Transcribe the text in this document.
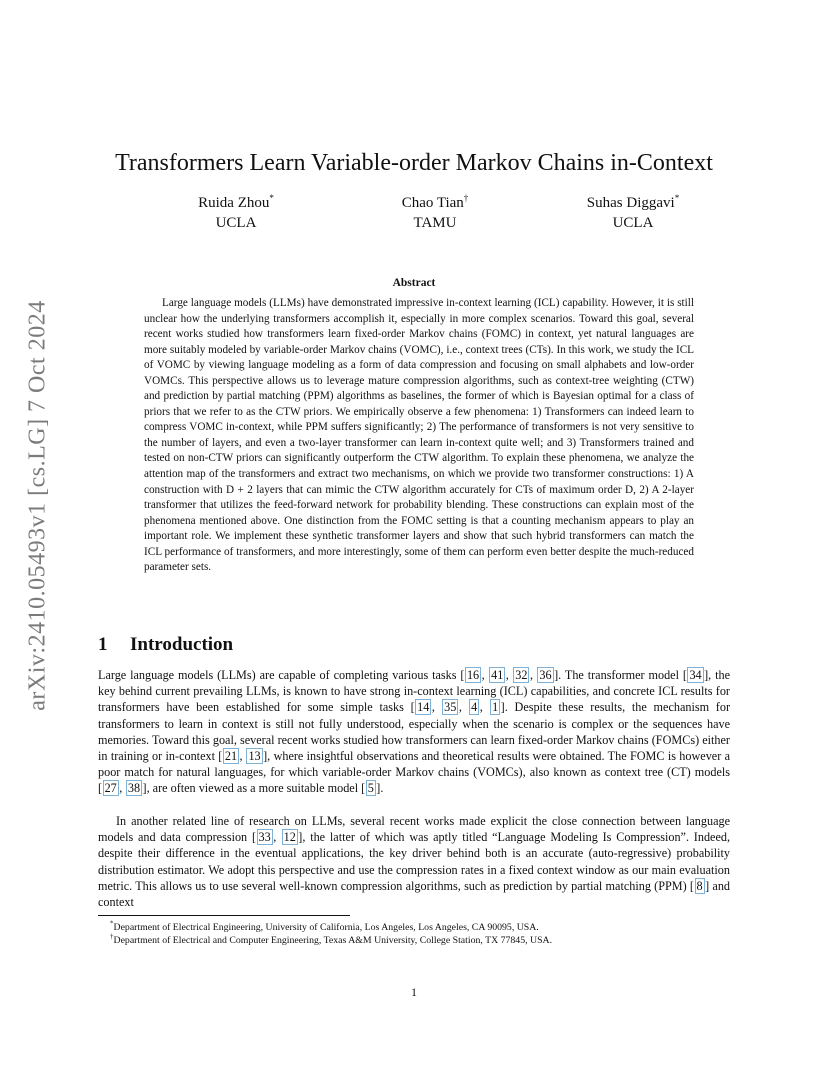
arXiv:2410.05493v1 [cs.LG] 7 Oct 2024
Transformers Learn Variable-order Markov Chains in-Context
Ruida Zhou*
UCLA
Chao Tian†
TAMU
Suhas Diggavi*
UCLA
Abstract

Large language models (LLMs) have demonstrated impressive in-context learning (ICL) capability. However, it is still unclear how the underlying transformers accomplish it, especially in more complex scenarios. Toward this goal, several recent works studied how transformers learn fixed-order Markov chains (FOMC) in context, yet natural languages are more suitably modeled by variable-order Markov chains (VOMC), i.e., context trees (CTs). In this work, we study the ICL of VOMC by viewing language modeling as a form of data compression and focusing on small alphabets and low-order VOMCs. This perspective allows us to leverage mature compression algorithms, such as context-tree weighting (CTW) and prediction by partial matching (PPM) algorithms as baselines, the former of which is Bayesian optimal for a class of priors that we refer to as the CTW priors. We empirically observe a few phenomena: 1) Transformers can indeed learn to compress VOMC in-context, while PPM suffers significantly; 2) The performance of transformers is not very sensitive to the number of layers, and even a two-layer transformer can learn in-context quite well; and 3) Transformers trained and tested on non-CTW priors can significantly outperform the CTW algorithm. To explain these phenomena, we analyze the attention map of the transformers and extract two mechanisms, on which we provide two transformer constructions: 1) A construction with D + 2 layers that can mimic the CTW algorithm accurately for CTs of maximum order D, 2) A 2-layer transformer that utilizes the feed-forward network for probability blending. These constructions can explain most of the phenomena mentioned above. One distinction from the FOMC setting is that a counting mechanism appears to play an important role. We implement these synthetic transformer layers and show that such hybrid transformers can match the ICL performance of transformers, and more interestingly, some of them can perform even better despite the much-reduced parameter sets.

1 Introduction

Large language models (LLMs) are capable of completing various tasks [ 16 , 41 , 32 , 36 ]. The transformer model [ 34 ], the key behind current prevailing LLMs, is known to have strong in-context learning (ICL) capabilities, and concrete ICL results for transformers have been established for some simple tasks [ 14 , 35 , 4 , 1 ]. Despite these results, the mechanism for transformers to learn in context is still not fully understood, especially when the scenario is complex or the sequences have memories. Toward this goal, several recent works studied how transformers can learn fixed-order Markov chains (FOMCs) either in training or in-context [ 21 , 13 ], where insightful observations and theoretical results were obtained. The FOMC is however a poor match for natural languages, for which variable-order Markov chains (VOMCs), also known as context tree (CT) models [ 27 , 38 ], are often viewed as a more suitable model [ 5 ].

In another related line of research on LLMs, several recent works made explicit the close connection between language models and data compression [ 33 , 12 ], the latter of which was aptly titled “Language Modeling Is Compression”. Indeed, despite their difference in the eventual applications, the key driver behind both is an accurate (auto-regressive) probability distribution estimator. We adopt this perspective and use the compression rates in a fixed context window as our main evaluation metric. This allows us to use several well-known compression algorithms, such as prediction by partial matching (PPM) [ 8 ] and context

*Department of Electrical Engineering, University of California, Los Angeles, Los Angeles, CA 90095, USA.

†Department of Electrical and Computer Engineering, Texas A&M University, College Station, TX 77845, USA.

1
